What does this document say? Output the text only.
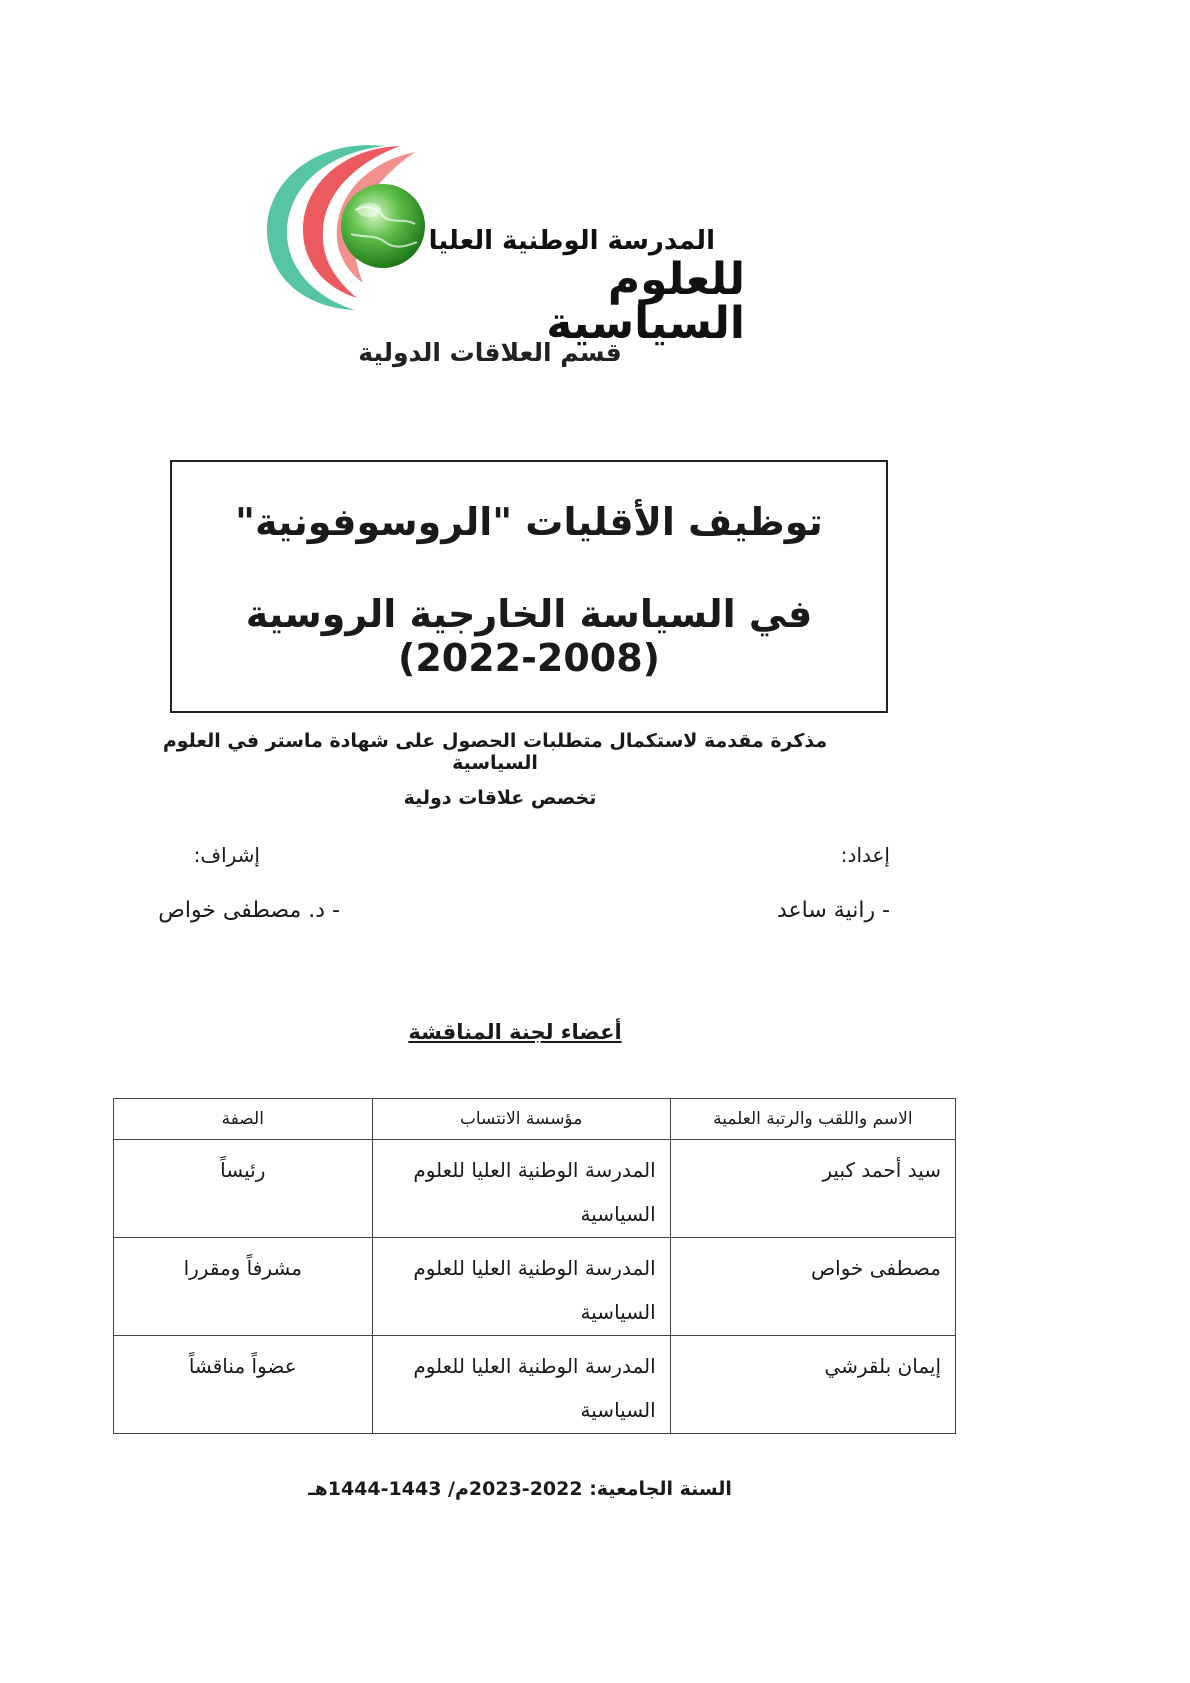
المدرسة الوطنية العليا
للعلوم السياسية
قسم العلاقات الدولية
توظيف الأقليات "الروسوفونية"
في السياسة الخارجية الروسية (2008-2022)
مذكرة مقدمة لاستكمال متطلبات الحصول على شهادة ماستر في العلوم السياسية
تخصص علاقات دولية
إعداد:
إشراف:
- رانية ساعد
- د. مصطفى خواص
أعضاء لجنة المناقشة
الاسم واللقب والرتبة العلمية	مؤسسة الانتساب	الصفة
سيد أحمد كبير	المدرسة الوطنية العليا للعلوم السياسية	رئيساً
مصطفى خواص	المدرسة الوطنية العليا للعلوم السياسية	مشرفاً ومقررا
إيمان بلقرشي	المدرسة الوطنية العليا للعلوم السياسية	عضواً مناقشاً
السنة الجامعية: 2022-2023م/ 1443-1444هـ
